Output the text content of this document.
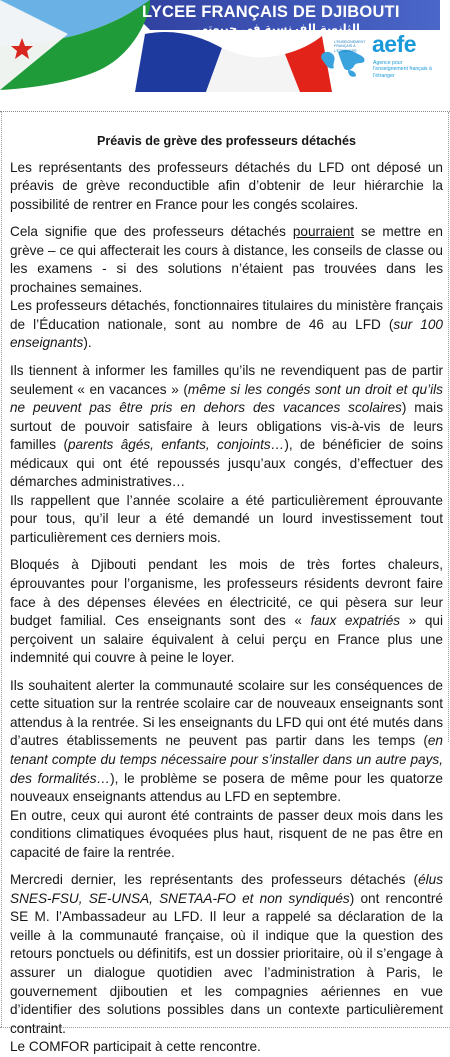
LYCEE FRANÇAIS DE DJIBOUTI
الثانوية الفرنسية في جيبوتي
L’ENSEIGNEMENT FRANÇAIS À L’ÉTRANGER aefe
Agence pour l’enseignement français à l’étranger
Préavis de grève des professeurs détachés

Les représentants des professeurs détachés du LFD ont déposé un préavis de grève reconductible afin d’obtenir de leur hiérarchie la possibilité de rentrer en France pour les congés scolaires.

Cela signifie que des professeurs détachés pourraient se mettre en grève – ce qui affecterait les cours à distance, les conseils de classe ou les examens - si des solutions n’étaient pas trouvées dans les prochaines semaines.

Les professeurs détachés, fonctionnaires titulaires du ministère français de l’Éducation nationale, sont au nombre de 46 au LFD (sur 100 enseignants).

Ils tiennent à informer les familles qu’ils ne revendiquent pas de partir seulement « en vacances » (même si les congés sont un droit et qu’ils ne peuvent pas être pris en dehors des vacances scolaires) mais surtout de pouvoir satisfaire à leurs obligations vis-à-vis de leurs familles (parents âgés, enfants, conjoints…), de bénéficier de soins médicaux qui ont été repoussés jusqu’aux congés, d’effectuer des démarches administratives…

Ils rappellent que l’année scolaire a été particulièrement éprouvante pour tous, qu’il leur a été demandé un lourd investissement tout particulièrement ces derniers mois.

Bloqués à Djibouti pendant les mois de très fortes chaleurs, éprouvantes pour l’organisme, les professeurs résidents devront faire face à des dépenses élevées en électricité, ce qui pèsera sur leur budget familial. Ces enseignants sont des « faux expatriés » qui perçoivent un salaire équivalent à celui perçu en France plus une indemnité qui couvre à peine le loyer.

Ils souhaitent alerter la communauté scolaire sur les conséquences de cette situation sur la rentrée scolaire car de nouveaux enseignants sont attendus à la rentrée. Si les enseignants du LFD qui ont été mutés dans d’autres établissements ne peuvent pas partir dans les temps (en tenant compte du temps nécessaire pour s’installer dans un autre pays, des formalités…), le problème se posera de même pour les quatorze nouveaux enseignants attendus au LFD en septembre.

En outre, ceux qui auront été contraints de passer deux mois dans les conditions climatiques évoquées plus haut, risquent de ne pas être en capacité de faire la rentrée.

Mercredi dernier, les représentants des professeurs détachés (élus SNES-FSU, SE-UNSA, SNETAA-FO et non syndiqués) ont rencontré SE M. l’Ambassadeur au LFD. Il leur a rappelé sa déclaration de la veille à la communauté française, où il indique que la question des retours ponctuels ou définitifs, est un dossier prioritaire, où il s’engage à assurer un dialogue quotidien avec l’administration à Paris, le gouvernement djiboutien et les compagnies aériennes en vue d’identifier des solutions possibles dans un contexte particulièrement contraint.

Le COMFOR participait à cette rencontre.
